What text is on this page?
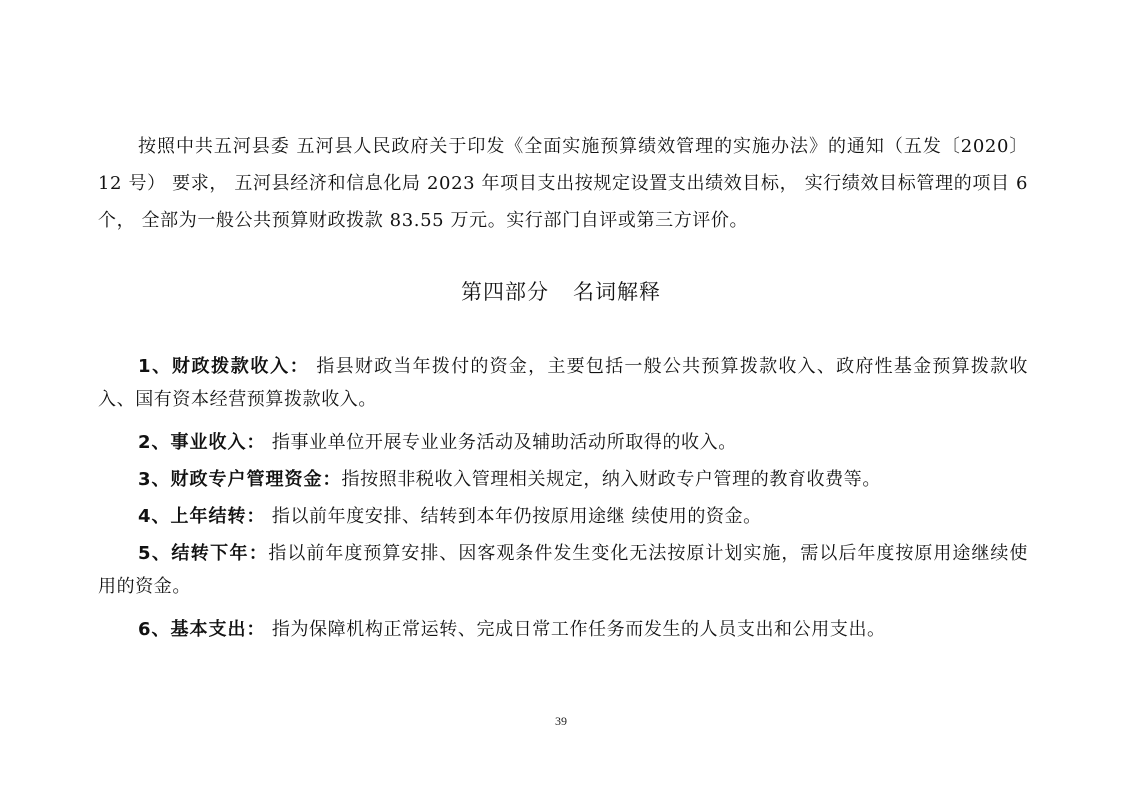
按照中共五河县委 五河县人民政府关于印发《全面实施预算绩效管理的实施办法》的通知（五发〔2020〕12 号） 要求， 五河县经济和信息化局 2023 年项目支出按规定设置支出绩效目标， 实行绩效目标管理的项目 6 个， 全部为一般公共预算财政拨款 83.55 万元。实行部门自评或第三方评价。

第四部分 名词解释

1、财政拨款收入： 指县财政当年拨付的资金，主要包括一般公共预算拨款收入、政府性基金预算拨款收入、国有资本经营预算拨款收入。

2、事业收入： 指事业单位开展专业业务活动及辅助活动所取得的收入。

3、财政专户管理资金：指按照非税收入管理相关规定，纳入财政专户管理的教育收费等。

4、上年结转： 指以前年度安排、结转到本年仍按原用途继 续使用的资金。

5、结转下年：指以前年度预算安排、因客观条件发生变化无法按原计划实施，需以后年度按原用途继续使用的资金。

6、基本支出： 指为保障机构正常运转、完成日常工作任务而发生的人员支出和公用支出。

39
